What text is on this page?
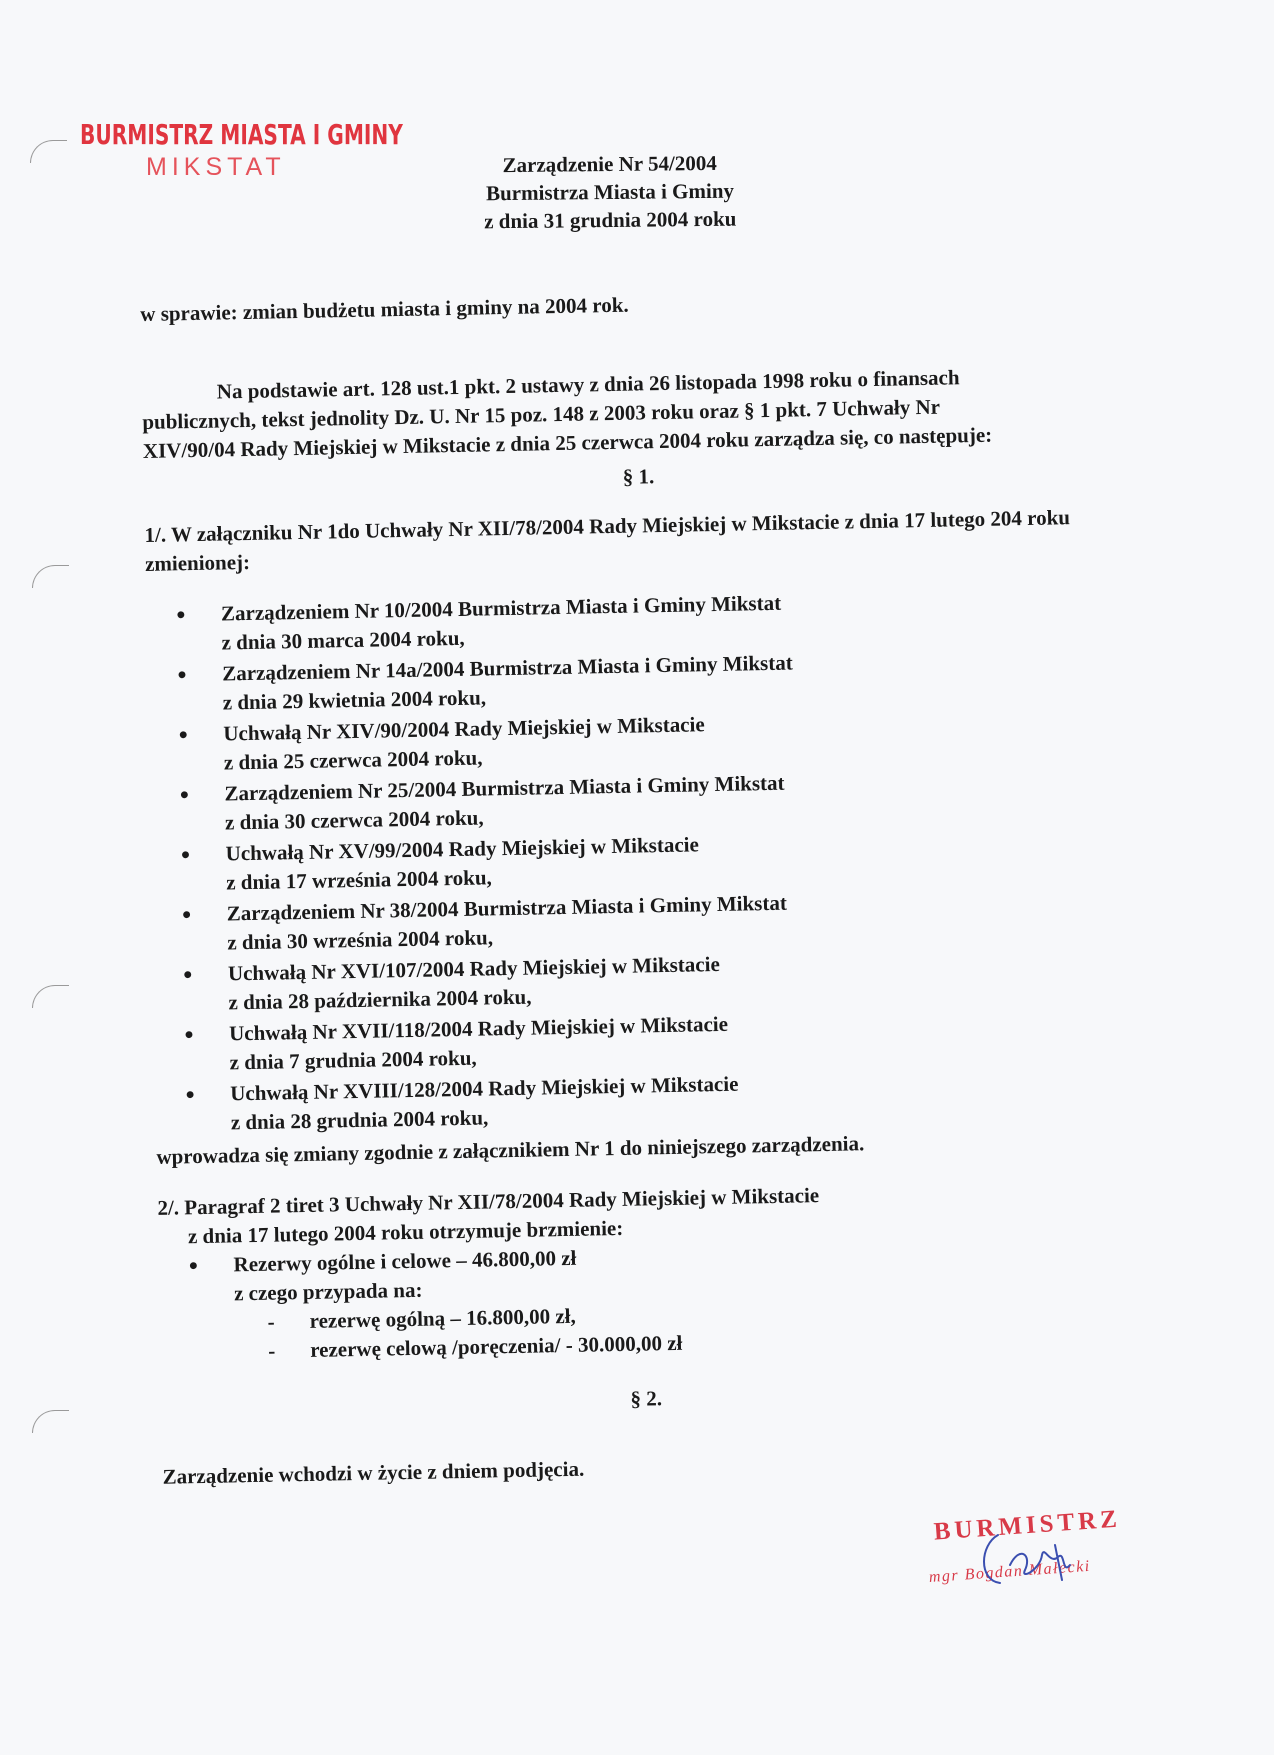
BURMISTRZ MIASTA I GMINY
MIKSTAT	Zarządzenie Nr 54/2004
Burmistrza Miasta i Gminy
z dnia 31 grudnia 2004 roku

w sprawie: zmian budżetu miasta i gminy na 2004 rok.

Na podstawie art. 128 ust.1 pkt. 2 ustawy z dnia 26 listopada 1998 roku o finansach publicznych, tekst jednolity Dz. U. Nr 15 poz. 148 z 2003 roku oraz § 1 pkt. 7 Uchwały Nr XIV/90/04 Rady Miejskiej w Mikstacie z dnia 25 czerwca 2004 roku zarządza się, co następuje:

§ 1.

1/. W załączniku Nr 1do Uchwały Nr XII/78/2004 Rady Miejskiej w Mikstacie z dnia 17 lutego 204 roku zmienionej:

● Zarządzeniem Nr 10/2004 Burmistrza Miasta i Gminy Mikstat
z dnia 30 marca 2004 roku,
● Zarządzeniem Nr 14a/2004 Burmistrza Miasta i Gminy Mikstat
z dnia 29 kwietnia 2004 roku,
● Uchwałą Nr XIV/90/2004 Rady Miejskiej w Mikstacie
z dnia 25 czerwca 2004 roku,
● Zarządzeniem Nr 25/2004 Burmistrza Miasta i Gminy Mikstat
z dnia 30 czerwca 2004 roku,
● Uchwałą Nr XV/99/2004 Rady Miejskiej w Mikstacie
z dnia 17 września 2004 roku,
● Zarządzeniem Nr 38/2004 Burmistrza Miasta i Gminy Mikstat
z dnia 30 września 2004 roku,
● Uchwałą Nr XVI/107/2004 Rady Miejskiej w Mikstacie
z dnia 28 października 2004 roku,
● Uchwałą Nr XVII/118/2004 Rady Miejskiej w Mikstacie
z dnia 7 grudnia 2004 roku,
● Uchwałą Nr XVIII/128/2004 Rady Miejskiej w Mikstacie
z dnia 28 grudnia 2004 roku,

wprowadza się zmiany zgodnie z załącznikiem Nr 1 do niniejszego zarządzenia.

2/. Paragraf 2 tiret 3 Uchwały Nr XII/78/2004 Rady Miejskiej w Mikstacie

z dnia 17 lutego 2004 roku otrzymuje brzmienie:

● Rezerwy ogólne i celowe – 46.800,00 zł

z czego przypada na:

- rezerwę ogólną – 16.800,00 zł,

- rezerwę celową /poręczenia/ - 30.000,00 zł

§ 2.

Zarządzenie wchodzi w życie z dniem podjęcia.

BURMISTRZ
mgr Bogdan Małecki
